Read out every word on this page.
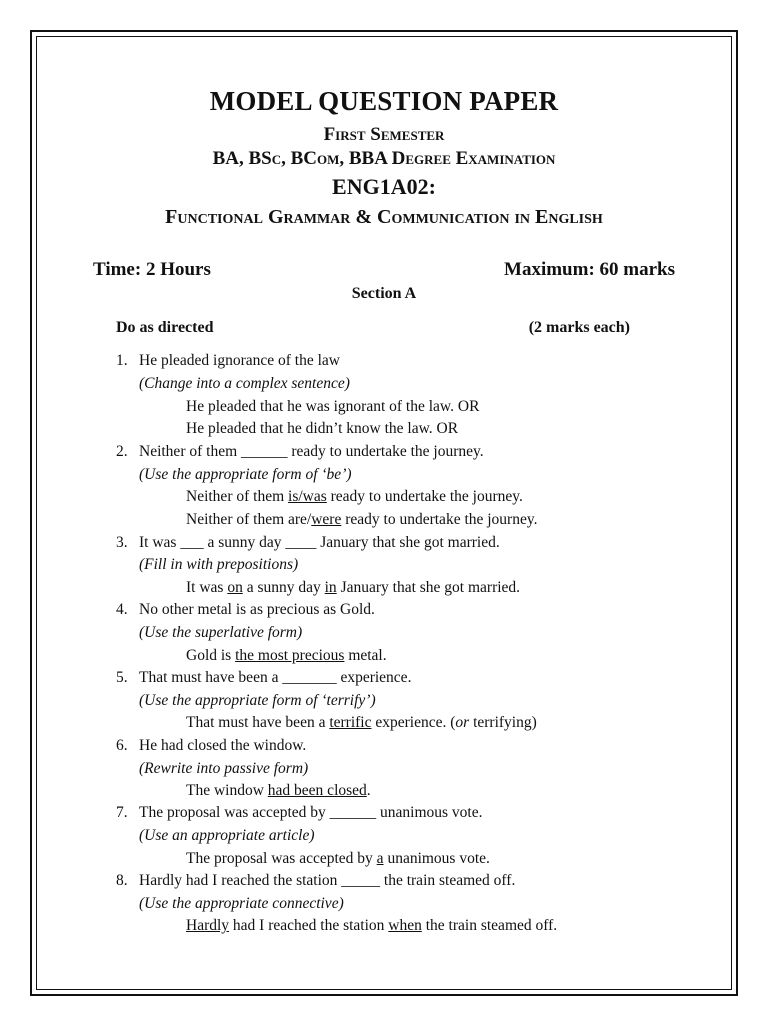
MODEL QUESTION PAPER
First Semester
BA, BSc, BCom, BBA Degree Examination
ENG1A02:
Functional Grammar & Communication in English
Time: 2 Hours	Maximum: 60 marks
Section A
Do as directed	(2 marks each)
1. He pleaded ignorance of the law
(Change into a complex sentence)
He pleaded that he was ignorant of the law. OR
He pleaded that he didn’t know the law. OR
2. Neither of them ______ ready to undertake the journey.
(Use the appropriate form of ‘be’)
Neither of them is/was ready to undertake the journey.
Neither of them are/were ready to undertake the journey.
3. It was ___ a sunny day ____ January that she got married.
(Fill in with prepositions)
It was on a sunny day in January that she got married.
4. No other metal is as precious as Gold.
(Use the superlative form)
Gold is the most precious metal.
5. That must have been a _______ experience.
(Use the appropriate form of ‘terrify’)
That must have been a terrific experience. (or terrifying)
6. He had closed the window.
(Rewrite into passive form)
The window had been closed.
7. The proposal was accepted by ______ unanimous vote.
(Use an appropriate article)
The proposal was accepted by a unanimous vote.
8. Hardly had I reached the station _____ the train steamed off.
(Use the appropriate connective)
Hardly had I reached the station when the train steamed off.
